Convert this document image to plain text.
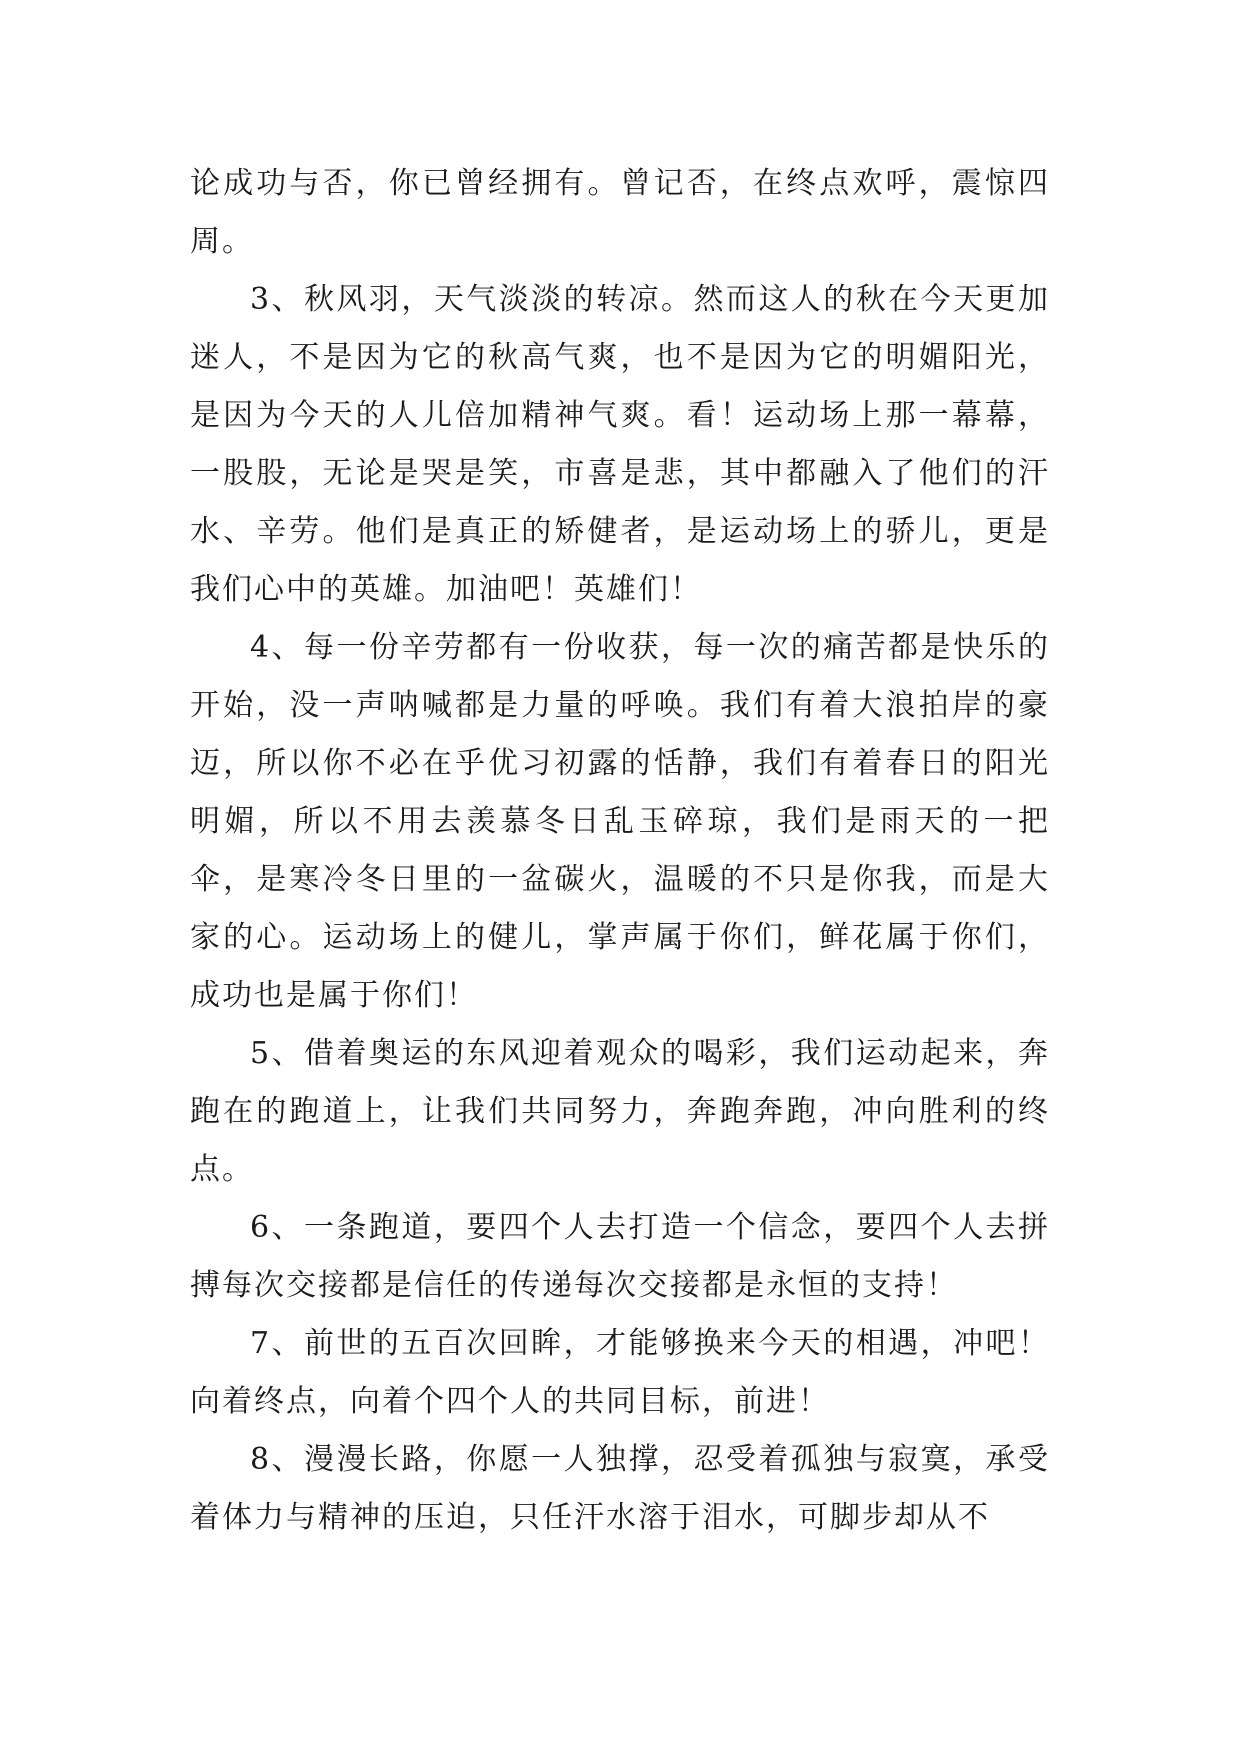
论成功与否，你已曾经拥有。曾记否，在终点欢呼，震惊四周。

3、秋风羽，天气淡淡的转凉。然而这人的秋在今天更加迷人，不是因为它的秋高气爽，也不是因为它的明媚阳光，是因为今天的人儿倍加精神气爽。看！运动场上那一幕幕，一股股，无论是哭是笑，市喜是悲，其中都融入了他们的汗水、辛劳。他们是真正的矫健者，是运动场上的骄儿，更是我们心中的英雄。加油吧！英雄们！

4、每一份辛劳都有一份收获，每一次的痛苦都是快乐的开始，没一声呐喊都是力量的呼唤。我们有着大浪拍岸的豪迈，所以你不必在乎优习初露的恬静，我们有着春日的阳光明媚，所以不用去羡慕冬日乱玉碎琼，我们是雨天的一把伞，是寒冷冬日里的一盆碳火，温暖的不只是你我，而是大家的心。运动场上的健儿，掌声属于你们，鲜花属于你们，成功也是属于你们！

5、借着奥运的东风迎着观众的喝彩，我们运动起来，奔跑在的跑道上，让我们共同努力，奔跑奔跑，冲向胜利的终点。

6、一条跑道，要四个人去打造一个信念，要四个人去拼搏每次交接都是信任的传递每次交接都是永恒的支持！

7、前世的五百次回眸，才能够换来今天的相遇，冲吧！向着终点，向着个四个人的共同目标，前进！

8、漫漫长路，你愿一人独撑，忍受着孤独与寂寞，承受着体力与精神的压迫，只任汗水溶于泪水，可脚步却从不
